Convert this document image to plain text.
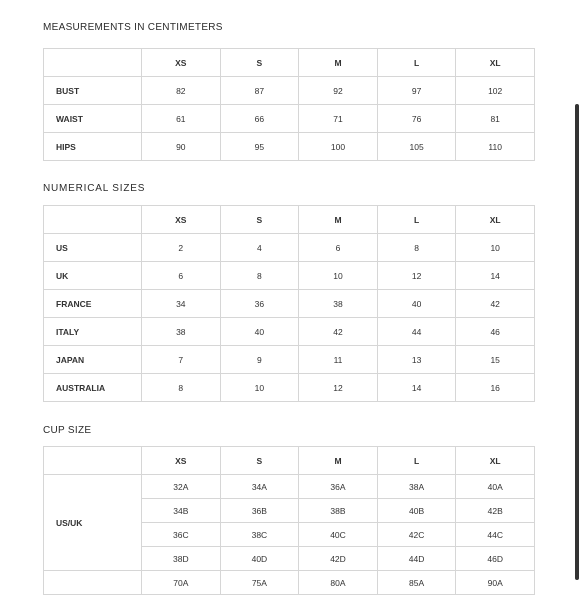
MEASUREMENTS IN CENTIMETERS
	XS	S	M	L	XL
BUST	82	87	92	97	102
WAIST	61	66	71	76	81
HIPS	90	95	100	105	110
NUMERICAL SIZES
	XS	S	M	L	XL
US	2	4	6	8	10
UK	6	8	10	12	14
FRANCE	34	36	38	40	42
ITALY	38	40	42	44	46
JAPAN	7	9	11	13	15
AUSTRALIA	8	10	12	14	16
CUP SIZE
	XS	S	M	L	XL
US/UK	32A	34A	36A	38A	40A
	34B	36B	38B	40B	42B
	36C	38C	40C	42C	44C
	38D	40D	42D	44D	46D
	70A	75A	80A	85A	90A
